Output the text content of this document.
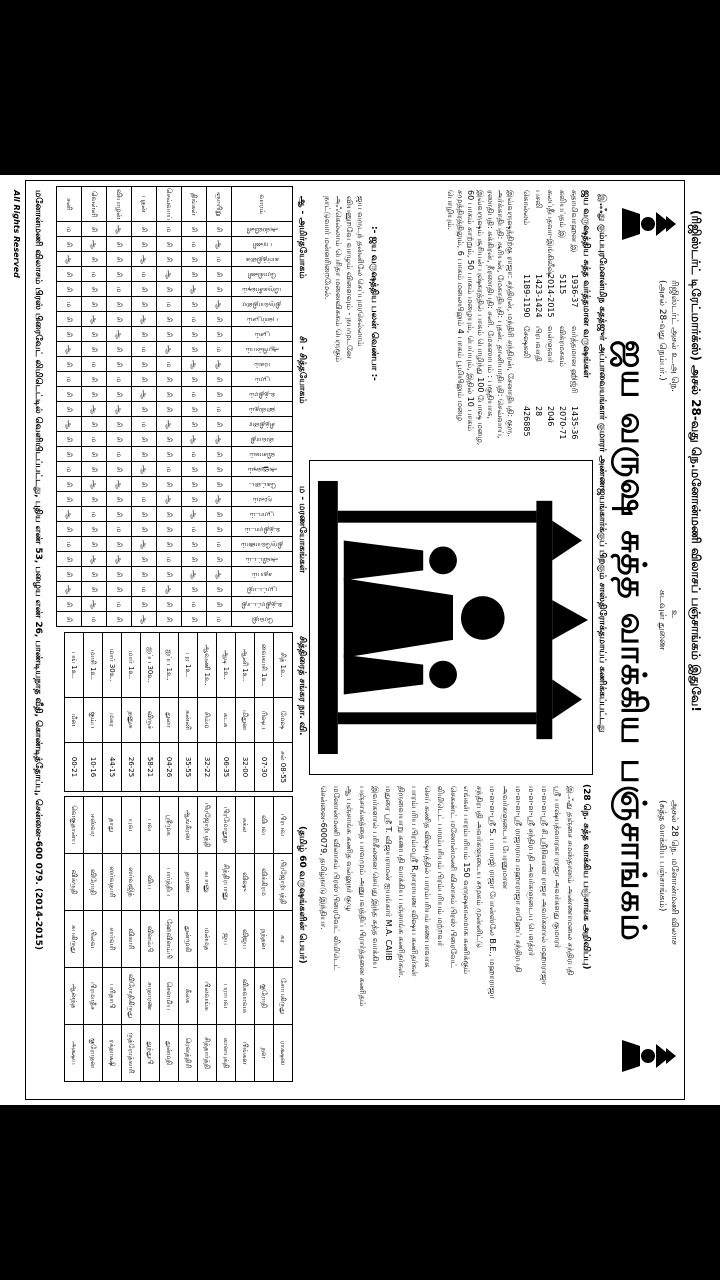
(ரிஜிஸ்டர்ட் டிரேட்மார்க்ஸ்) அசல் 28-வது நெ.மனோன்மணி விலாசப் பஞ்சாங்கம் இதுவே!
ரிஜிஸ்டர்ட் அசல் உ.அ நெ.
(அசல் 28-வது நெம்பர்.)
உ
கடவுள் துணை
அசல் 28 நெ. மனோன்மணி விலாச
(சுத்த வாக்கிய பஞ்சாங்கம்)
ஜய வருஷ சுத்த வாக்கிய பஞ்சாங்கம்
இ.ஃது கும்பபுரமேனன்மிந கதத்ஜுர் அப்பாவையங்கார் குமாரர் அண்ணஜயங்கார்க்குப் பிறகும் சாஸ்திரோக்தமாய்ப் கணிக்கப்பட்டது
ஜய வருஷத்திய சுத்த வர்த்தமான வருஷங்கள்
சுதாமிவாஹன இ
1936-37
வர்த்தமான ஹிஜ்ரி
1435-36
கலியப்தம் இ
5115
விக்ரமசகம்
2070-71
கலப்தீபதவா-இங்கிலீஷ்
2014-2015
வள்ளுவர்
2046
பசலி
1423-1424
பிரபவாதி
28
கொல்லம்
1189-1190
சேஷகலி
426885
இவ்வருஷத்திற்கு ராஜா: சந்திரன், மந்திரி சந்திரன், சேனாதிபதி: குரு. அர்க்காதிபதி: சூரியன், மேகாதிபதி: புதன். தானியாதிபதி: செவ்வாய், ரஸாதிபதி: சுக்கிரன், நீரஸாதிபதி: சனி. மேகஸாபம் : பகுதியாக, இவ்வருஷம் சூரியன் புஷ்கரத்தில் பாகம் பொழிந்து 100 போஷ மழை, 60 பாகம் காற்றும், 50 பாகம் மழையும், பெய்யும், இதில் 10 பாகம் சமுத்திரத்திலும், 6 பாகம் மலையிலும் 4 பாகம் பூமியிலும் மழை பொழியும்.
:- ஜய வருஷத்திய பலன் வெண்பா :-
ஜய வருடந் தன்னிலே செப்புமரசெல்லாம்
வியனுறவே வாழும் விளைவும் - நயமுடனே
அஃகெல்லாம் பெரிதா மனைவிசுகம் பெருகும்
நாட்டுவார் மன்னரிறைமேல்.
(28 நெ. சுத்த வாக்கிய பஞ்சாங்க அறிவிப்பு)
இ.ஃது தஞ்சை சமஸ்தானம் அண்ணாமலை சந்திரபதி
ஸ்ரீ பாஷ்யத்வாரகா ராஜா அவர்களது குமாரர்
ம-ள-ள-ஸ்ரீ சி.ஸ்ரீநிவாஸ ராஜா அவர்களால் மஹாராஜா
ம-ள-ள-ஸ்ரீ சந்திரபதி அவர்களுடைய பௌத்ரர்
ம-ள-ள-ஸ்ரீ ராஜாராம மஹாராஜா சாஹேப் சந்திரபதி
அவர்களுடைய பேரனுமான
ம-ள-ள-ஸ்ரீ S. பாபாஜி ராஜா போன்ஸ்லே B.E., மஹாராஜா
சந்திரபதி அவர்களுடைய சமூகம் முன்னிட்டு
எங்கள் பாரம்பரியம் 150 வருஷகாலமாக கணிக்கும்
செகண்ட் மனோன்மணி விலாசம் பிரஸ் பிரைவேட்
லிமிடெட் பாரம்பரியம் பிரம்பரியம் மற்றவர்
செய் கணித விஷயத்தில் பாரம்பரியம் கணபாவாக
பாரம்பரிய பிரம்மஸ்ரீ R.நாராயண விஷய கணிதர்கள்
திருவையாறு கணபதி வாக்கிய பஞ்சாங்க கணிதர்கள்.
மதுரை ஸ்ரீ T. விஜயராமன் ஐயங்கார் M.A. CAIIB
இவர்களால் பரிசீலனை செய்து இந்த சுத்த வாக்கிய
பஞ்சாங்கத்தை பாவமும் அனுபவத்திப் பிரார்த்தனை கணிதம்
ஆ பஞ்சாங்க கணித வல்லுநர் குழு
மனோன்மணி விலாசம் பிரஸ் பிரைவேட் லிமிடெட்
சென்னை-600079, தமிழ்நாடு இந்தியா.
ஆ - அமிர்தயோகம்
சி - சித்தயோகம்
ம - மரணயோகங்கள்
சித்திரைத் சங்கர நா. வி.
(தமிழ் 60 வருஷங்களின் பெயர்)
வாரம்	அஸ்வினி	பரணி	கார்த்திகை	ரோகிணி	மிருகசீர்ஷம்	திருவாதிரை	புனர்பூசம்	பூசம்	ஆயில்யம்	மகம்	பூரம்	உத்திரம்	ஹஸ்தம்	சித்திரை	ஸ்வாதி	விசாகம்	அனுஷம்	கேட்டை	மூலம்	பூராடம்	உத்திராடம்	திருவோணம்	அவிட்டம்	சதயம்	பூரட்டாதி	உத்திரட்டாதி	ரேவதி
ஞாயிறு	சி	ஆ	ம	சி	சி	ஆ	சி	சி	ம	ஆ	சி	சி	ம	சி	ஆ	சி	சி	சி	ஆ	சி	சி	ம	சி	ஆ	சி	சி	ம
திங்கள்	சி	ம	சி	சி	ஆ	சி	ம	சி	சி	ஆ	சி	ம	சி	சி	ஆ	ம	சி	சி	சி	ஆ	ம	சி	சி	ஆ	சி	ம	சி
செவ்வாய்	ம	சி	சி	ஆ	சி	ம	சி	சி	ஆ	ம	சி	சி	சி	ஆ	சி	சி	ம	சி	ஆ	சி	சி	சி	ம	சி	ஆ	சி	சி
புதன்	சி	சி	ஆ	ம	சி	சி	ஆ	சி	ம	சி	சி	ஆ	சி	ம	சி	சி	ஆ	சி	ம	சி	சி	ஆ	சி	சி	ம	சி	ஆ
வியாழன்	ஆ	சி	சி	சி	ம	சி	சி	ஆ	சி	சி	ம	சி	ஆ	சி	சி	ம	சி	ஆ	சி	சி	ம	சி	ஆ	சி	சி	ம	சி
வெள்ளி	சி	ஆ	சி	ம	சி	சி	ஆ	சி	சி	ம	சி	சி	ஆ	சி	ம	சி	சி	ஆ	சி	ம	சி	சி	ஆ	சி	சி	ஆ	ம
சனி	ம	சி	ஆ	சி	சி	ம	சி	சி	ஆ	சி	ம	சி	சி	ஆ	சி	சி	ம	சி	சி	ஆ	சி	ம	சி	சி	ஆ	சி	சி
சித் 1உ.	மேஷ	சல் 08-55
வைகாசி 1உ.	ரிஷப	07-30
ஆனி 1உ.	மிதுன	32-00
ஆடி 1உ.	கடக	06-35
ஆவணி 1உ.	சிம்ம	32-22
புர 1உ.	கன்னி	35-55
ஐப்ப 1உ.	துலா	04-26
ஐப்ப 30உ.	விருச்	58-21
மார் 1உ.	தனுசு	26-25
மார் 30உ.	மகர	44-15
மாசி 1உ.	கும்ப	10-16
பங் 1உ.	மீன	00-21
பிரபவ	பிரஜோற்பத்தி	கர	சோபகிருது	ராக்ஷஸ
விபவ	விக்கிரம	நந்தன	குரோதி	நள
சுக்ல	விஷு	விஜய	விசுவாவசு	பிங்கள
பிரமோதூத	சித்திரபானு	ஜய	பராபவ	காளயுக்தி
பிரஜோற்பத்தி	சுபானு	மன்மத	பிலவங்க	சித்தார்த்தி
ஆங்கீரஸ	தாரண	துன்முகி	கீலக	ரௌத்திரி
ஸ்ரீமுக	பார்த்திப	ஹேவிளம்பி	சௌமிய	துன்மதி
பவ	விய	விளம்பி	சாதாரண	துந்துபி
யுவ	ஸர்வஜித்	விகாரி	விரோதிகிருது	ருத்ரோத்காரி
தாது	ஸர்வதாரி	சார்வரி	பரிதாபி	ரக்தாக்ஷி
ஈஸ்வர	விரோதி	பிலவ	பிரமாதீச	குரோதன
வெகுதான்ய	விக்ருதி	சுபகிருது	ஆனந்த	அக்ஷய
மனோன்மணி விலாசம் பிரஸ் பிரைவேட் லிமிடெட்டில் வெளியிடப்பட்டது, புதிய எண் 53, பழைய எண் 26, பாண்டியநாத வீதி, கொண்டித்தோப்பு, சென்னை-600 079. (2014-2015)
All Rights Reserved
